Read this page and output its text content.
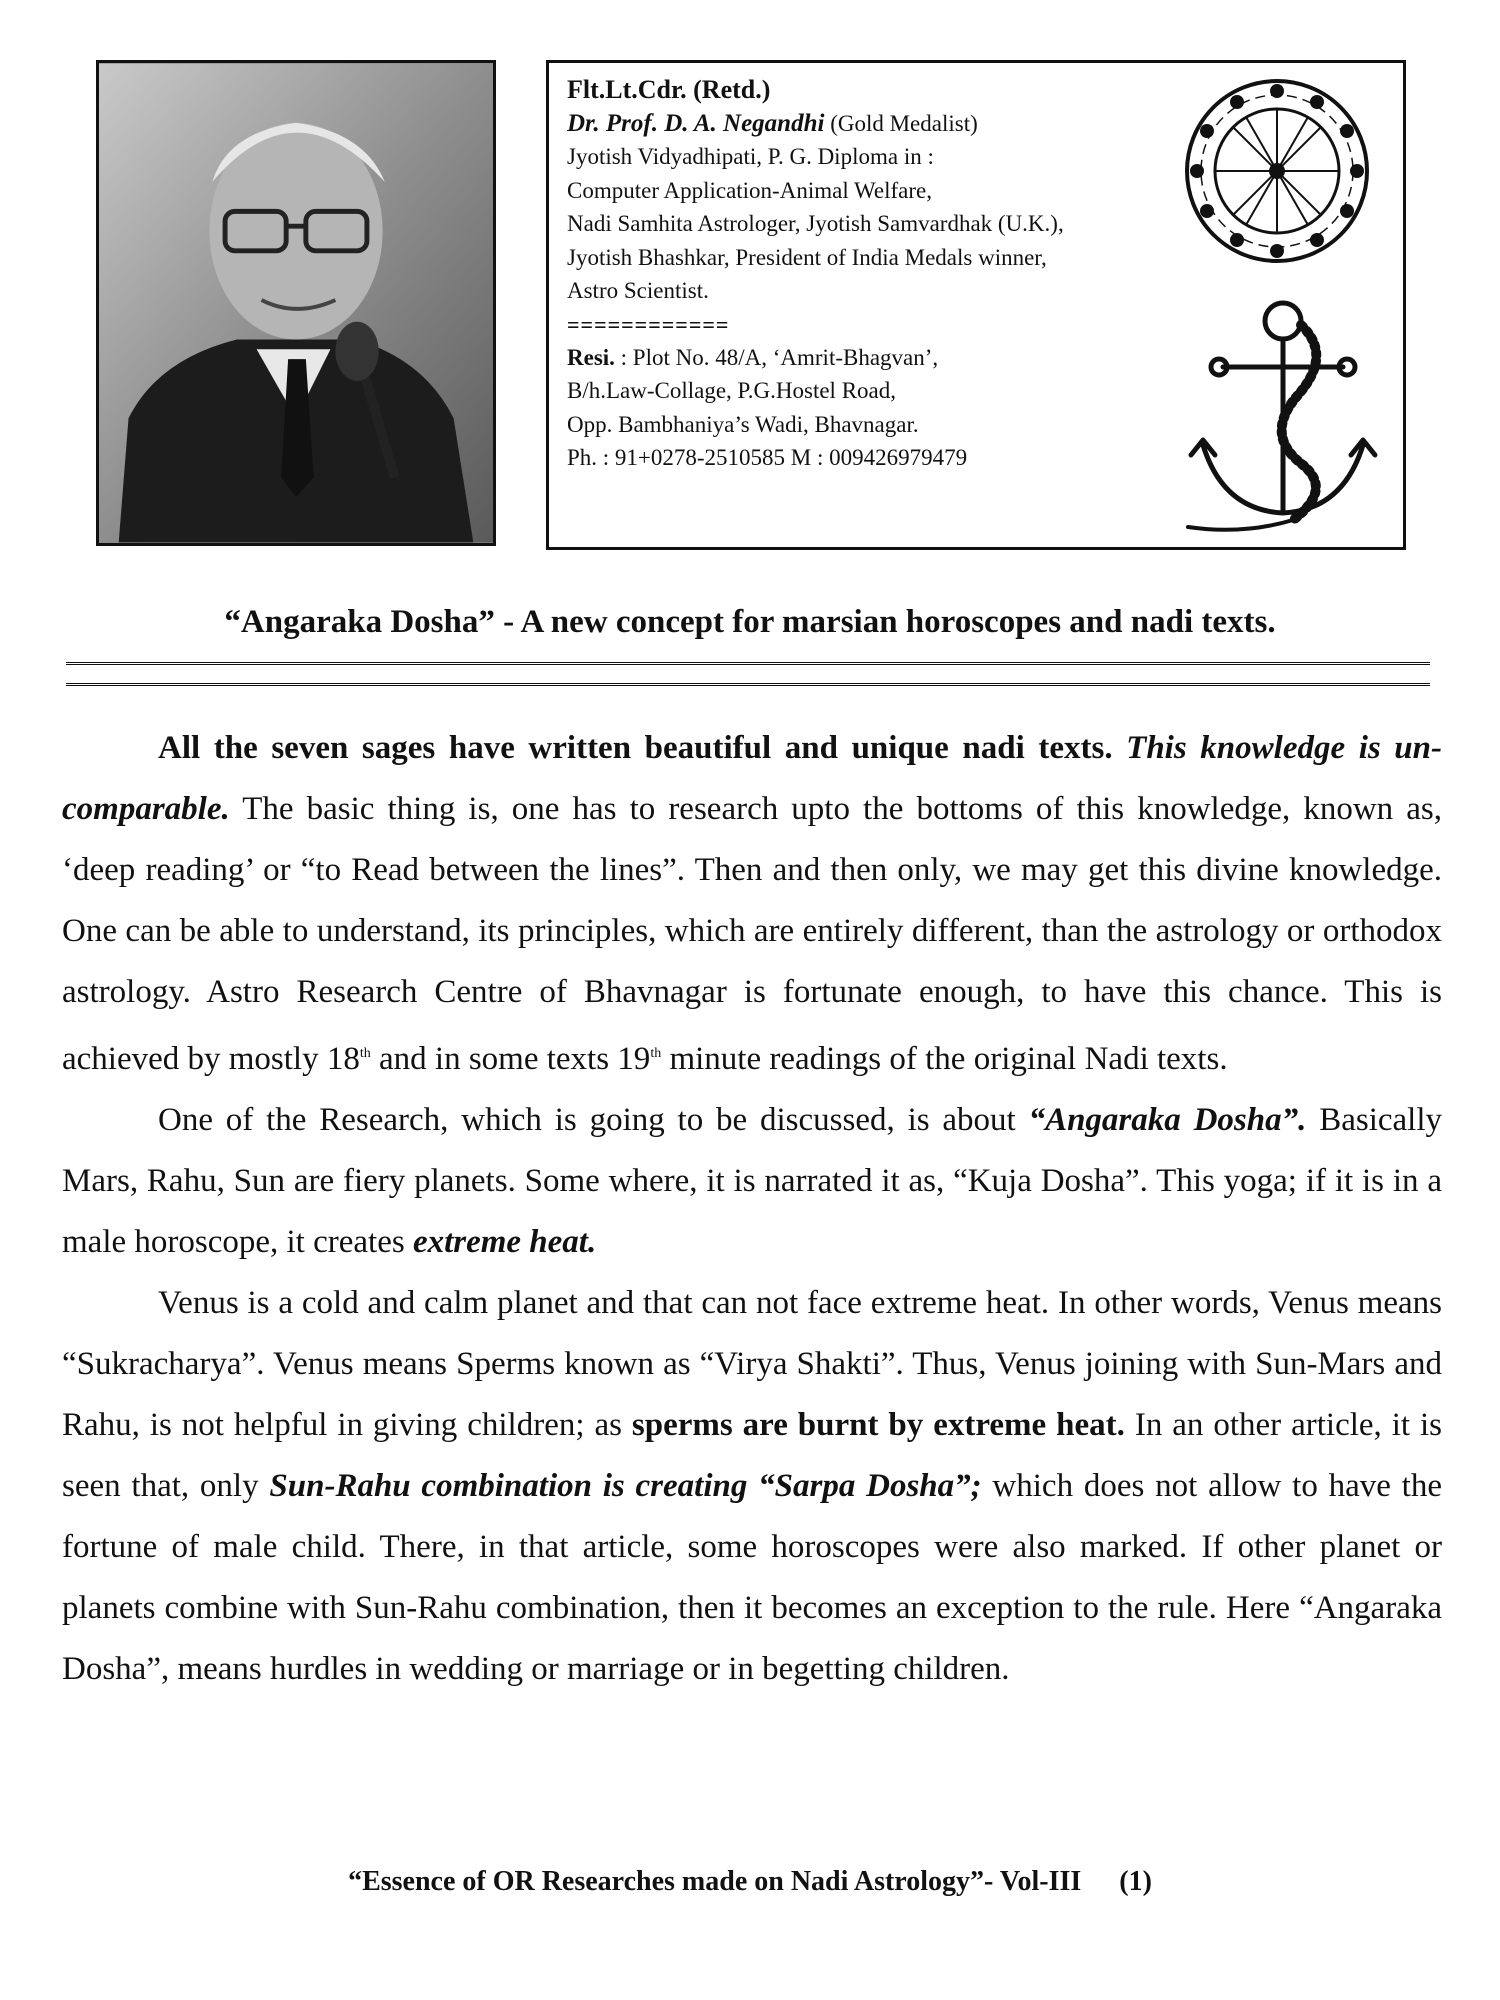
Flt.Lt.Cdr. (Retd.)
Dr. Prof. D. A. Negandhi (Gold Medalist)
Jyotish Vidyadhipati, P. G. Diploma in :
Computer Application-Animal Welfare,
Nadi Samhita Astrologer, Jyotish Samvardhak (U.K.),
Jyotish Bhashkar, President of India Medals winner,
Astro Scientist.
============
Resi. : Plot No. 48/A, ‘Amrit-Bhagvan’,
B/h.Law-Collage, P.G.Hostel Road,
Opp. Bambhaniya’s Wadi, Bhavnagar.
Ph. : 91+0278-2510585 M : 009426979479
“Angaraka Dosha” - A new concept for marsian horoscopes and nadi texts.

All the seven sages have written beautiful and unique nadi texts. This knowledge is un-comparable. The basic thing is, one has to research upto the bottoms of this knowledge, known as, ‘deep reading’ or “to Read between the lines”. Then and then only, we may get this divine knowledge. One can be able to understand, its principles, which are entirely different, than the astrology or orthodox astrology. Astro Research Centre of Bhavnagar is fortunate enough, to have this chance. This is achieved by mostly 18th and in some texts 19th minute readings of the original Nadi texts.

One of the Research, which is going to be discussed, is about “Angaraka Dosha”. Basically Mars, Rahu, Sun are fiery planets. Some where, it is narrated it as, “Kuja Dosha”. This yoga; if it is in a male horoscope, it creates extreme heat.

Venus is a cold and calm planet and that can not face extreme heat. In other words, Venus means “Sukracharya”. Venus means Sperms known as “Virya Shakti”. Thus, Venus joining with Sun-Mars and Rahu, is not helpful in giving children; as sperms are burnt by extreme heat. In an other article, it is seen that, only Sun-Rahu combination is creating “Sarpa Dosha”; which does not allow to have the fortune of male child. There, in that article, some horoscopes were also marked. If other planet or planets combine with Sun-Rahu combination, then it becomes an exception to the rule. Here “Angaraka Dosha”, means hurdles in wedding or marriage or in begetting children.

“Essence of OR Researches made on Nadi Astrology”- Vol-III (1)
